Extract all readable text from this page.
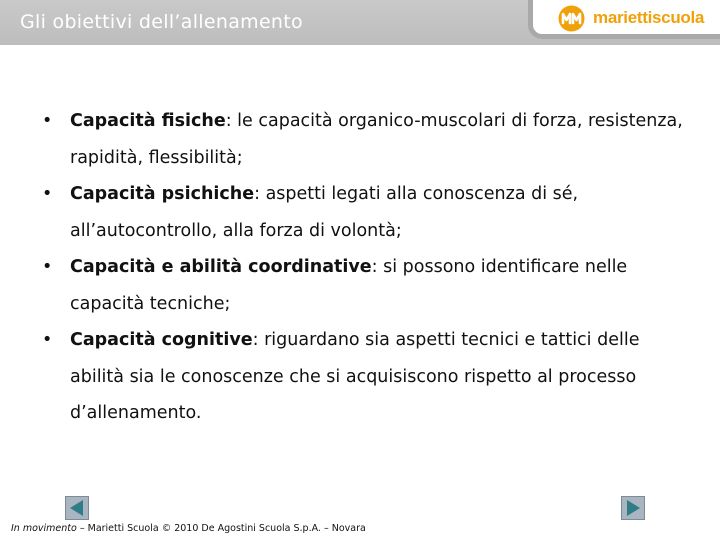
Gli obiettivi dell’allenamento	mariettiscuola

• Capacità fisiche: le capacità organico-muscolari di forza, resistenza, rapidità, flessibilità;

• Capacità psichiche: aspetti legati alla conoscenza di sé, all’autocontrollo, alla forza di volontà;

• Capacità e abilità coordinative: si possono identificare nelle capacità tecniche;

• Capacità cognitive: riguardano sia aspetti tecnici e tattici delle abilità sia le conoscenze che si acquisiscono rispetto al processo d’allenamento.

In movimento – Marietti Scuola © 2010 De Agostini Scuola S.p.A. – Novara
